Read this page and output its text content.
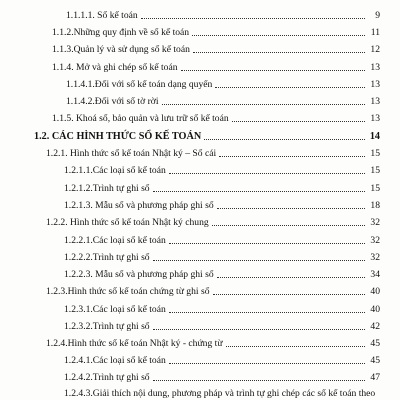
1.1.1.1. Sổ kế toán	9
1.1.2.Những quy định về sổ kế toán	11
1.1.3.Quản lý và sử dụng sổ kế toán	12
1.1.4. Mở và ghi chép sổ kế toán	13
1.1.4.1.Đối với sổ kế toán dạng quyển	13
1.1.4.2.Đối với sổ tờ rời	13
1.1.5. Khoá sổ, bảo quản và lưu trữ sổ kế toán	13
1.2. CÁC HÌNH THỨC SỔ KẾ TOÁN	14
1.2.1. Hình thức sổ kế toán Nhật ký – Sổ cái	15
1.2.1.1.Các loại sổ kế toán	15
1.2.1.2.Trình tự ghi sổ	15
1.2.1.3. Mẫu sổ và phương pháp ghi sổ	18
1.2.2. Hình thức sổ kế toán Nhật ký chung	32
1.2.2.1.Các loại sổ kế toán	32
1.2.2.2.Trình tự ghi sổ	32
1.2.2.3. Mẫu sổ và phương pháp ghi sổ	34
1.2.3.Hình thức sổ kế toán chứng từ ghi sổ	40
1.2.3.1.Các loại sổ kế toán	40
1.2.3.2.Trình tự ghi sổ	42
1.2.4.Hình thức sổ kế toán Nhật ký - chứng từ	45
1.2.4.1.Các loại sổ kế toán	45
1.2.4.2.Trình tự ghi sổ	47
1.2.4.3.Giải thích nội dung, phương pháp và trình tự ghi chép các sổ kế toán theo
